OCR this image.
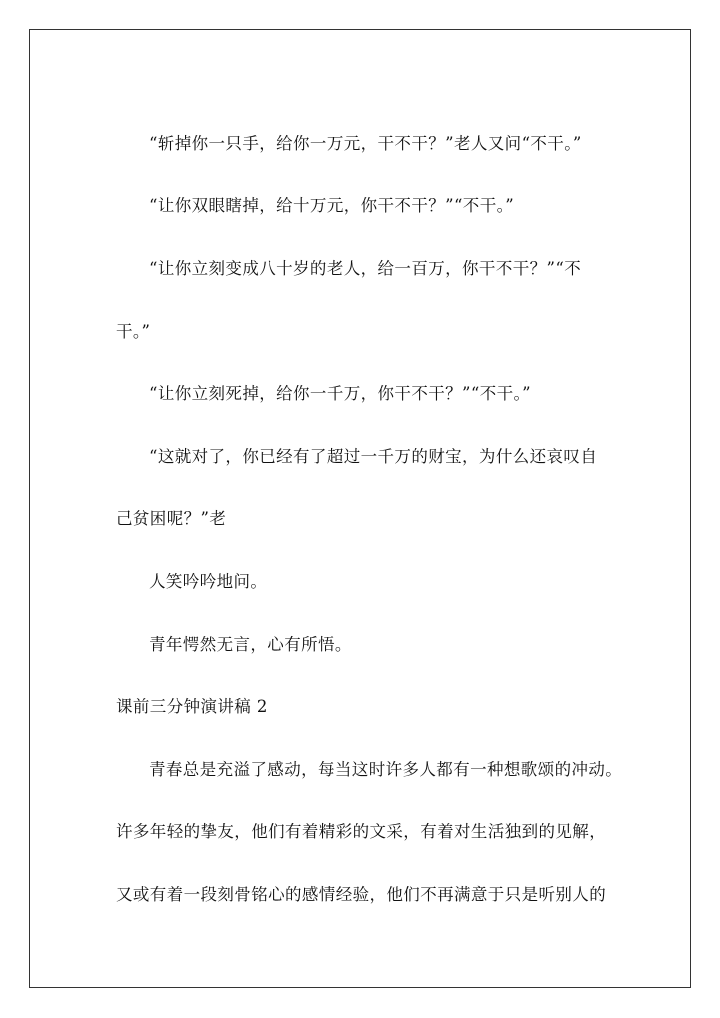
“斩掉你一只手，给你一万元，干不干？”老人又问“不干。”
“让你双眼瞎掉，给十万元，你干不干？”“不干。”
“让你立刻变成八十岁的老人，给一百万，你干不干？”“不
干。”
“让你立刻死掉，给你一千万，你干不干？”“不干。”
“这就对了，你已经有了超过一千万的财宝，为什么还哀叹自
己贫困呢？”老
人笑吟吟地问。
青年愕然无言，心有所悟。
课前三分钟演讲稿 2
青春总是充溢了感动，每当这时许多人都有一种想歌颂的冲动。
许多年轻的挚友，他们有着精彩的文采，有着对生活独到的见解，
又或有着一段刻骨铭心的感情经验，他们不再满意于只是听别人的
